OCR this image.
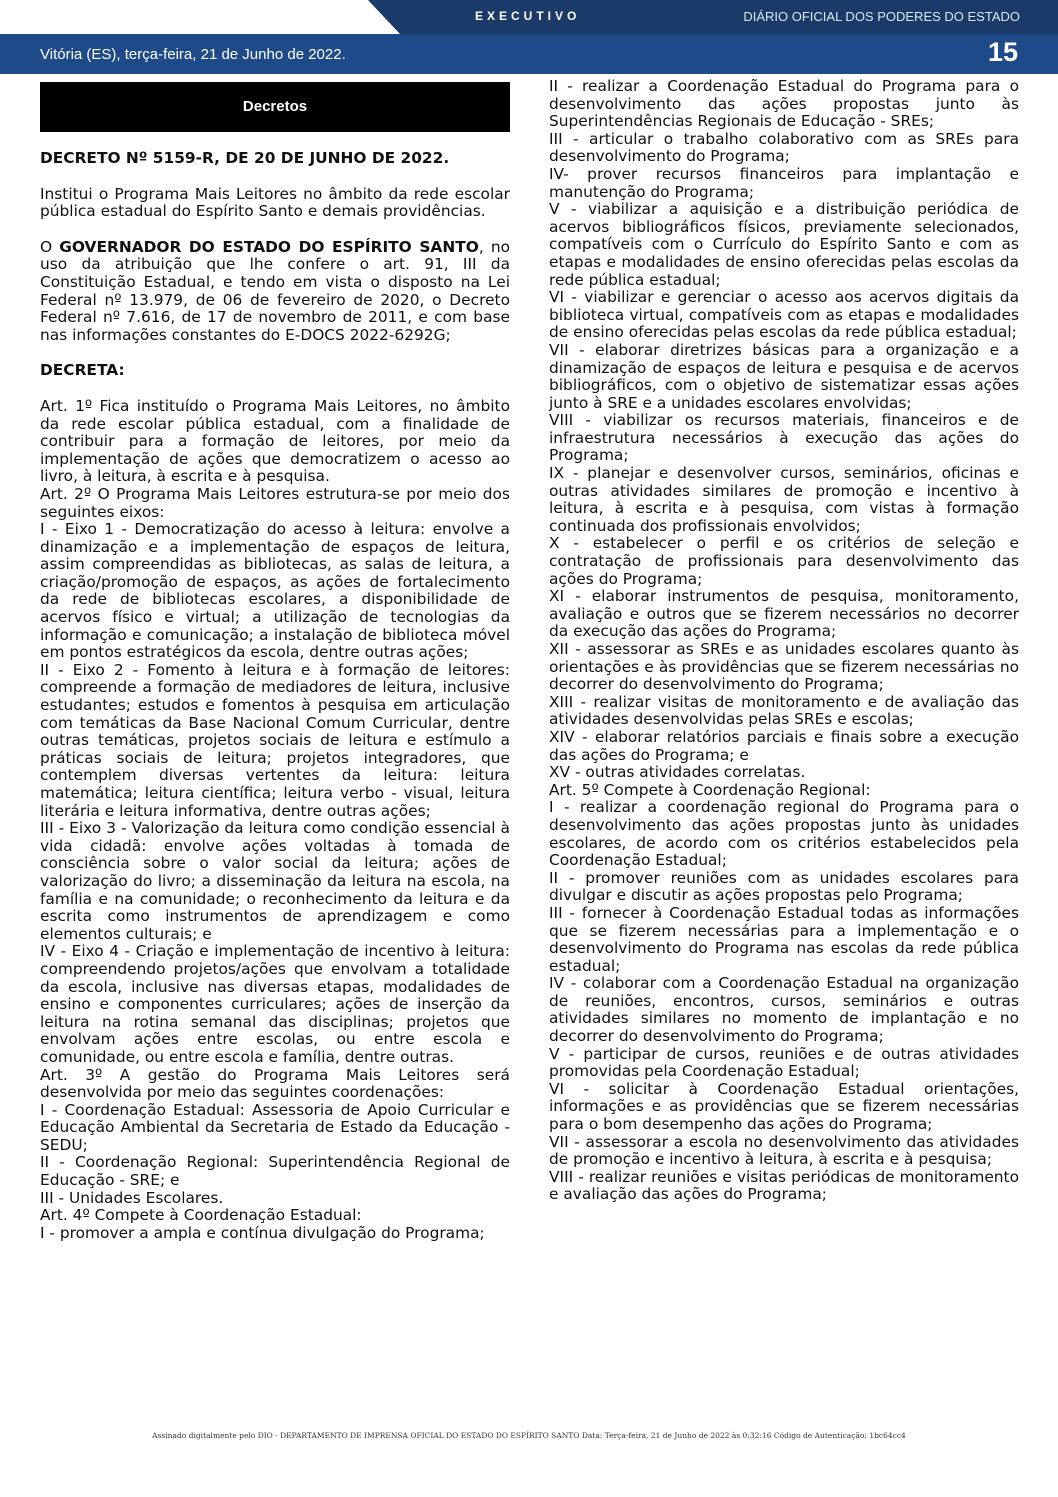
EXECUTIVO	DIÁRIO OFICIAL DOS PODERES DO ESTADO
Vitória (ES), terça-feira, 21 de Junho de 2022.	15
Decretos
DECRETO Nº 5159-R, DE 20 DE JUNHO DE 2022.
Institui o Programa Mais Leitores no âmbito da rede escolar pública estadual do Espírito Santo e demais providências.
O GOVERNADOR DO ESTADO DO ESPÍRITO SANTO, no uso da atribuição que lhe confere o art. 91, III da Constituição Estadual, e tendo em vista o disposto na Lei Federal nº 13.979, de 06 de fevereiro de 2020, o Decreto Federal nº 7.616, de 17 de novembro de 2011, e com base nas informações constantes do E-DOCS 2022-6292G;
DECRETA:

Art. 1º Fica instituído o Programa Mais Leitores, no âmbito da rede escolar pública estadual, com a finalidade de contribuir para a formação de leitores, por meio da implementação de ações que democratizem o acesso ao livro, à leitura, à escrita e à pesquisa.

Art. 2º O Programa Mais Leitores estrutura-se por meio dos seguintes eixos:

I - Eixo 1 - Democratização do acesso à leitura: envolve a dinamização e a implementação de espaços de leitura, assim compreendidas as bibliotecas, as salas de leitura, a criação/promoção de espaços, as ações de fortalecimento da rede de bibliotecas escolares, a disponibilidade de acervos físico e virtual; a utilização de tecnologias da informação e comunicação; a instalação de biblioteca móvel em pontos estratégicos da escola, dentre outras ações;

II - Eixo 2 - Fomento à leitura e à formação de leitores: compreende a formação de mediadores de leitura, inclusive estudantes; estudos e fomentos à pesquisa em articulação com temáticas da Base Nacional Comum Curricular, dentre outras temáticas, projetos sociais de leitura e estímulo a práticas sociais de leitura; projetos integradores, que contemplem diversas vertentes da leitura: leitura matemática; leitura científica; leitura verbo - visual, leitura literária e leitura informativa, dentre outras ações;

III - Eixo 3 - Valorização da leitura como condição essencial à vida cidadã: envolve ações voltadas à tomada de consciência sobre o valor social da leitura; ações de valorização do livro; a disseminação da leitura na escola, na família e na comunidade; o reconhecimento da leitura e da escrita como instrumentos de aprendizagem e como elementos culturais; e

IV - Eixo 4 - Criação e implementação de incentivo à leitura: compreendendo projetos/ações que envolvam a totalidade da escola, inclusive nas diversas etapas, modalidades de ensino e componentes curriculares; ações de inserção da leitura na rotina semanal das disciplinas; projetos que envolvam ações entre escolas, ou entre escola e comunidade, ou entre escola e família, dentre outras.

Art. 3º A gestão do Programa Mais Leitores será desenvolvida por meio das seguintes coordenações:

I - Coordenação Estadual: Assessoria de Apoio Curricular e Educação Ambiental da Secretaria de Estado da Educação - SEDU;

II - Coordenação Regional: Superintendência Regional de Educação - SRE; e

III - Unidades Escolares.

Art. 4º Compete à Coordenação Estadual:

I - promover a ampla e contínua divulgação do Programa;

II - realizar a Coordenação Estadual do Programa para o desenvolvimento das ações propostas junto às Superintendências Regionais de Educação - SREs;

III - articular o trabalho colaborativo com as SREs para desenvolvimento do Programa;

IV- prover recursos financeiros para implantação e manutenção do Programa;

V - viabilizar a aquisição e a distribuição periódica de acervos bibliográficos físicos, previamente selecionados, compatíveis com o Currículo do Espírito Santo e com as etapas e modalidades de ensino oferecidas pelas escolas da rede pública estadual;

VI - viabilizar e gerenciar o acesso aos acervos digitais da biblioteca virtual, compatíveis com as etapas e modalidades de ensino oferecidas pelas escolas da rede pública estadual;

VII - elaborar diretrizes básicas para a organização e a dinamização de espaços de leitura e pesquisa e de acervos bibliográficos, com o objetivo de sistematizar essas ações junto à SRE e a unidades escolares envolvidas;

VIII - viabilizar os recursos materiais, financeiros e de infraestrutura necessários à execução das ações do Programa;

IX - planejar e desenvolver cursos, seminários, oficinas e outras atividades similares de promoção e incentivo à leitura, à escrita e à pesquisa, com vistas à formação continuada dos profissionais envolvidos;

X - estabelecer o perfil e os critérios de seleção e contratação de profissionais para desenvolvimento das ações do Programa;

XI - elaborar instrumentos de pesquisa, monitoramento, avaliação e outros que se fizerem necessários no decorrer da execução das ações do Programa;

XII - assessorar as SREs e as unidades escolares quanto às orientações e às providências que se fizerem necessárias no decorrer do desenvolvimento do Programa;

XIII - realizar visitas de monitoramento e de avaliação das atividades desenvolvidas pelas SREs e escolas;

XIV - elaborar relatórios parciais e finais sobre a execução das ações do Programa; e

XV - outras atividades correlatas.

Art. 5º Compete à Coordenação Regional:

I - realizar a coordenação regional do Programa para o desenvolvimento das ações propostas junto às unidades escolares, de acordo com os critérios estabelecidos pela Coordenação Estadual;

II - promover reuniões com as unidades escolares para divulgar e discutir as ações propostas pelo Programa;

III - fornecer à Coordenação Estadual todas as informações que se fizerem necessárias para a implementação e o desenvolvimento do Programa nas escolas da rede pública estadual;

IV - colaborar com a Coordenação Estadual na organização de reuniões, encontros, cursos, seminários e outras atividades similares no momento de implantação e no decorrer do desenvolvimento do Programa;

V - participar de cursos, reuniões e de outras atividades promovidas pela Coordenação Estadual;

VI - solicitar à Coordenação Estadual orientações, informações e as providências que se fizerem necessárias para o bom desempenho das ações do Programa;

VII - assessorar a escola no desenvolvimento das atividades de promoção e incentivo à leitura, à escrita e à pesquisa;

VIII - realizar reuniões e visitas periódicas de monitoramento e avaliação das ações do Programa;

Assinado digitalmente pelo DIO - DEPARTAMENTO DE IMPRENSA OFICIAL DO ESTADO DO ESPÍRITO SANTO Data: Terça-feira, 21 de Junho de 2022 às 0:32:16 Código de Autenticação: 1bc64cc4
